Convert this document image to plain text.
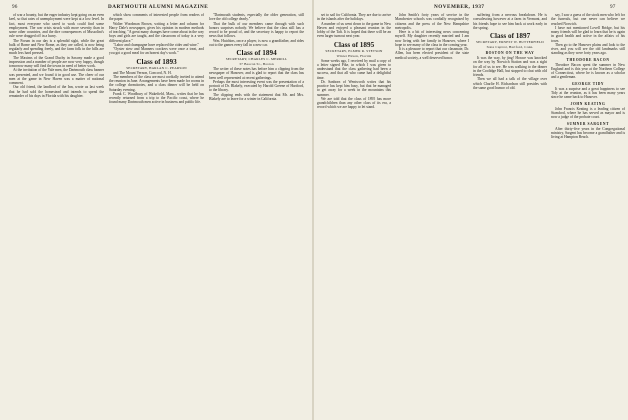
96	DARTMOUTH ALUMNI MAGAZINE

of war a bounty, but the eager industry kept going on an even keel, so that rates of unemployment were kept at a low level. In fact, most everyone who cared to work could find some employment. The war crisis struck with more severity than in some other countries, and the dire consequences of Mussolini's rule were dragged off in a hurry.

The Forum in our day is a splendid sight, while the great bulk of Rome and New Rome, as they are called, is now being regularly and spending freely, and the farm folk in the hills are much less hard pressed.

The Maxims of the Grand Duchy in Saxony made a good impression and a number of people are now very happy, though tomorrow many will find the towns in need of better work.

At the invitation of the Yale men, the Dartmouth class banner was presented, and we found it in good use. The cheer of our men at the game in New Haven was a matter of national comment.

Our old friend, the landlord of the Inn, wrote us last week that he had sold the homestead and intends to spend the remainder of his days in Florida with his daughter.

which show comments of interested people from readers of the paper.

Walter Woodman Brown, writing a letter and column for Harry Dale's newspaper, gives his opinion in modern methods of teaching. "A great many changes have come about in the way boys and girls are taught, and the classroom of today is a very different place."

"Labor and champagne have replaced the cider and wine."

"Oyster stew and Manners crackers were once a treat, and you got a good meal for an honest day's work."

Class of 1893
SECRETARY, HARLAN C. PEARSON

and The Mount Vernon, Concord, N. H.

The members of the class are most cordially invited to attend the reunion in June. Arrangements have been made for rooms in the college dormitories, and a class dinner will be held on Saturday evening.

Frank C. Woodbury of Wakefield, Mass., writes that he has recently returned from a trip to the Pacific coast, where he found many Dartmouth men active in business and public life.

"Dartmouth students, especially the older generation, still love the old college dearly."

That the bulk of our members came through with such honors surprises nobody. We believe that the class still has a record to be proud of, and the secretary is happy to report the news that follows.

Wm. Hutchins, once a player, is now a grandfather, and rides out to the games every fall in a new car.

Class of 1894
SECRETARY, CHARLES C. MERRILL
37 Beacon St., Boston

The writer of these notes has before him a clipping from the newspaper of Hanover, and is glad to report that the class has been well represented at recent gatherings.

Perhaps the most interesting event was the presentation of a portrait of Dr. Blakely, executed by Harold Greene of Hartford, to the library.

The clipping ends with the statement that Mr. and Mrs. Blakely are to leave for a winter in California.

NOVEMBER, 1937	97

set to sail for California. They are due to arrive in the islands after the holidays.

A number of us went down to the game in New Haven and enjoyed a pleasant reunion in the lobby of the Taft. It is hoped that there will be an even larger turnout next year.

Class of 1895
SECRETARY, ELMER R. STETSON
Winter Haven, Florida

Some weeks ago, I received by mail a copy of a letter signed Pike, in which I was given to understand that the class gathering had been a success, and that all who came had a delightful time.

Dr. Sanborn of Wentworth writes that his practice has kept him busy, but that he managed to get away for a week in the mountains this summer.

We are told that the class of 1895 has more grandchildren than any other class of its era, a record which we are happy to let stand.

John Smith's forty years of service in the Manchester schools was cordially recognized by citizens and the press of the New Hampshire metropolis.

Here is a bit of interesting news concerning myself. My daughter recently married and I am now living with her family in Hanover, where I hope to see many of the class in the coming year.

It is a pleasure to report that our classmate, Dr. Allen, has been elected president of the state medical society, a well deserved honor.

suffering from a nervous breakdown. He is convalescing however at a farm in Vermont, and his friends hope to see him back at work early in the spring.

Class of 1897
SECRETARY, ERNEST W. BUTTERFIELD
State Capitol, Hartford, Conn.
BOSTON ON THE WAY

It was the way, by jing! Horace was knocked on the way by Norwich Station and was a sight for all of us to see. He was walking to the dinner in the Coolidge Hall, but stopped to chat with old friends.

Then we all had a talk of the village over which Charlie H. Richardson still presides with the same good humor of old.

say, I saw a guess of the stock men who left for the funerals, but one never can believe we reached Norwich.

I have not mentioned Lovell Bridge, but his many friends will be glad to learn that he is again in good health and active in the affairs of his town.

Then go to the Hanover plains and look to the river, and you will see the old landmarks still standing as they were forty years ago.

THEODORE BACON

Theodore Bacon spent the summer in New England and is this year at the Northern College of Connecticut, where he is known as a scholar and a gentleman.

GEORGE TIDY

It was a surprise and a great happiness to see Tidy at the reunion, as it has been many years since he came back to Hanover.

JOHN KEATING

John Francis Keating is a leading citizen of Stamford, where he has served as mayor and is now a judge of the probate court.

SUMNER SARGENT

After thirty-five years in the Congregational ministry, Sargent has become a grandfather and is living at Hampton Beach.
